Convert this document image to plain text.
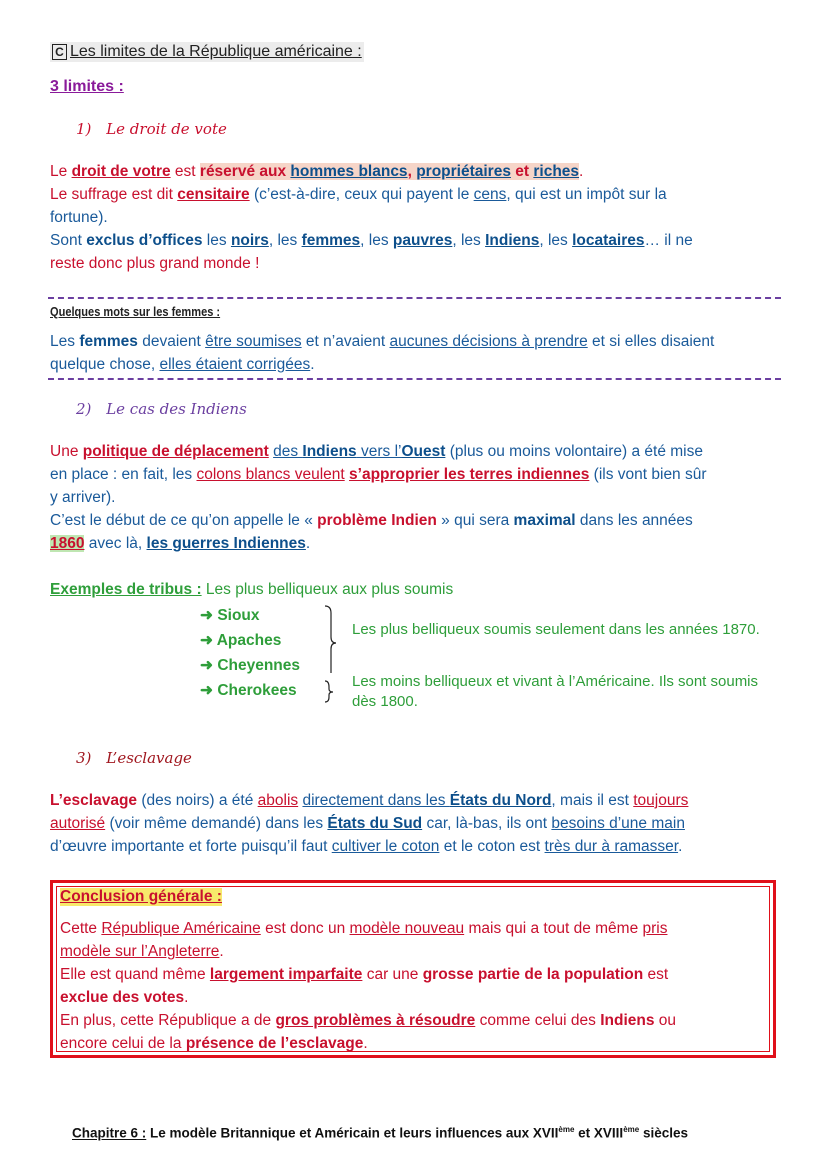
C Les limites de la République américaine :
3 limites :
1) Le droit de vote
Le droit de votre est réservé aux hommes blancs, propriétaires et riches.
Le suffrage est dit censitaire (c’est-à-dire, ceux qui payent le cens, qui est un impôt sur la
fortune).
Sont exclus d’offices les noirs, les femmes, les pauvres, les Indiens, les locataires… il ne
reste donc plus grand monde !
Quelques mots sur les femmes :
Les femmes devaient être soumises et n’avaient aucunes décisions à prendre et si elles disaient
quelque chose, elles étaient corrigées.
2) Le cas des Indiens
Une politique de déplacement des Indiens vers l’Ouest (plus ou moins volontaire) a été mise
en place : en fait, les colons blancs veulent s’approprier les terres indiennes (ils vont bien sûr
y arriver).
C’est le début de ce qu’on appelle le « problème Indien » qui sera maximal dans les années
1860 avec là, les guerres Indiennes.
Exemples de tribus : Les plus belliqueux aux plus soumis
➜ Sioux
➜ Apaches
➜ Cheyennes
➜ Cherokees
Les plus belliqueux soumis seulement dans les années 1870.
Les moins belliqueux et vivant à l’Américaine. Ils sont soumis dès 1800.
3) L’esclavage
L’esclavage (des noirs) a été abolis directement dans les États du Nord, mais il est toujours
autorisé (voir même demandé) dans les États du Sud car, là-bas, ils ont besoins d’une main
d’œuvre importante et forte puisqu’il faut cultiver le coton et le coton est très dur à ramasser.
Conclusion générale :
Cette République Américaine est donc un modèle nouveau mais qui a tout de même pris
modèle sur l’Angleterre.
Elle est quand même largement imparfaite car une grosse partie de la population est
exclue des votes.
En plus, cette République a de gros problèmes à résoudre comme celui des Indiens ou
encore celui de la présence de l’esclavage.
Chapitre 6 : Le modèle Britannique et Américain et leurs influences aux XVIIème et XVIIIème siècles
